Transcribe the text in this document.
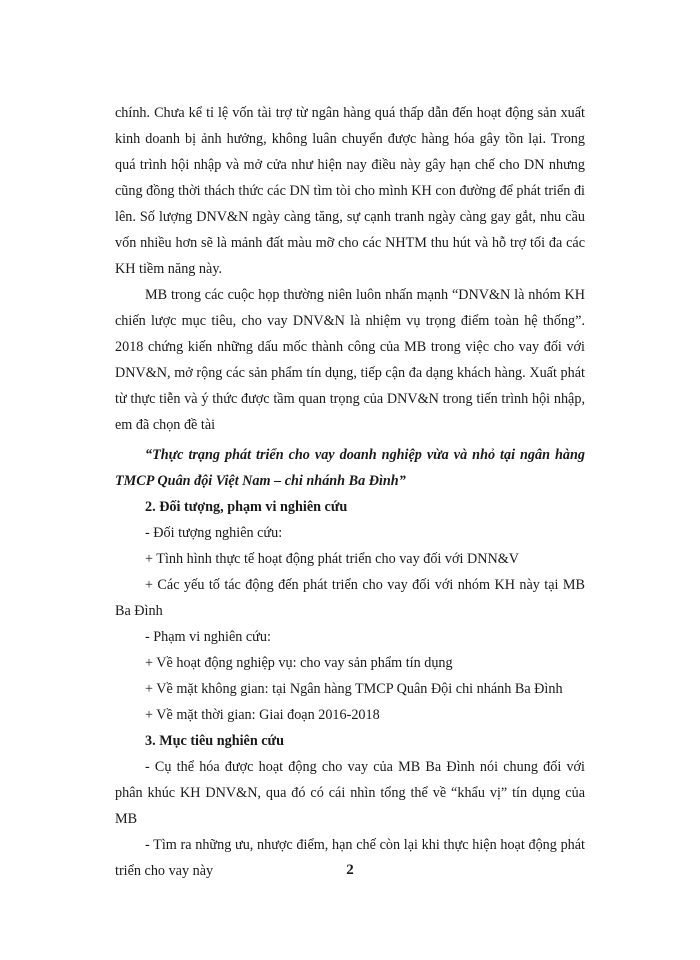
chính. Chưa kể tỉ lệ vốn tài trợ từ ngân hàng quá thấp dẫn đến hoạt động sản xuất kinh doanh bị ảnh hưởng, không luân chuyển được hàng hóa gây tồn lại. Trong quá trình hội nhập và mở cửa như hiện nay điều này gây hạn chế cho DN nhưng cũng đồng thời thách thức các DN tìm tòi cho mình KH con đường để phát triển đi lên. Số lượng DNV&N ngày càng tăng, sự cạnh tranh ngày càng gay gắt, nhu cầu vốn nhiều hơn sẽ là mảnh đất màu mỡ cho các NHTM thu hút và hỗ trợ tối đa các KH tiềm năng này.

MB trong các cuộc họp thường niên luôn nhấn mạnh “DNV&N là nhóm KH chiến lược mục tiêu, cho vay DNV&N là nhiệm vụ trọng điểm toàn hệ thống”. 2018 chứng kiến những dấu mốc thành công của MB trong việc cho vay đối với DNV&N, mở rộng các sản phẩm tín dụng, tiếp cận đa dạng khách hàng. Xuất phát từ thực tiễn và ý thức được tầm quan trọng của DNV&N trong tiến trình hội nhập, em đã chọn đề tài

“Thực trạng phát triển cho vay doanh nghiệp vừa và nhỏ tại ngân hàng TMCP Quân đội Việt Nam – chi nhánh Ba Đình”

2. Đối tượng, phạm vi nghiên cứu

- Đối tượng nghiên cứu:

+ Tình hình thực tế hoạt động phát triển cho vay đối với DNN&V

+ Các yếu tố tác động đến phát triển cho vay đối với nhóm KH này tại MB Ba Đình

- Phạm vi nghiên cứu:

+ Về hoạt động nghiệp vụ: cho vay sản phẩm tín dụng

+ Về mặt không gian: tại Ngân hàng TMCP Quân Đội chi nhánh Ba Đình

+ Về mặt thời gian: Giai đoạn 2016-2018

3. Mục tiêu nghiên cứu

- Cụ thể hóa được hoạt động cho vay của MB Ba Đình nói chung đối với phân khúc KH DNV&N, qua đó có cái nhìn tổng thể về “khẩu vị” tín dụng của MB

- Tìm ra những ưu, nhược điểm, hạn chế còn lại khi thực hiện hoạt động phát triển cho vay này	2
